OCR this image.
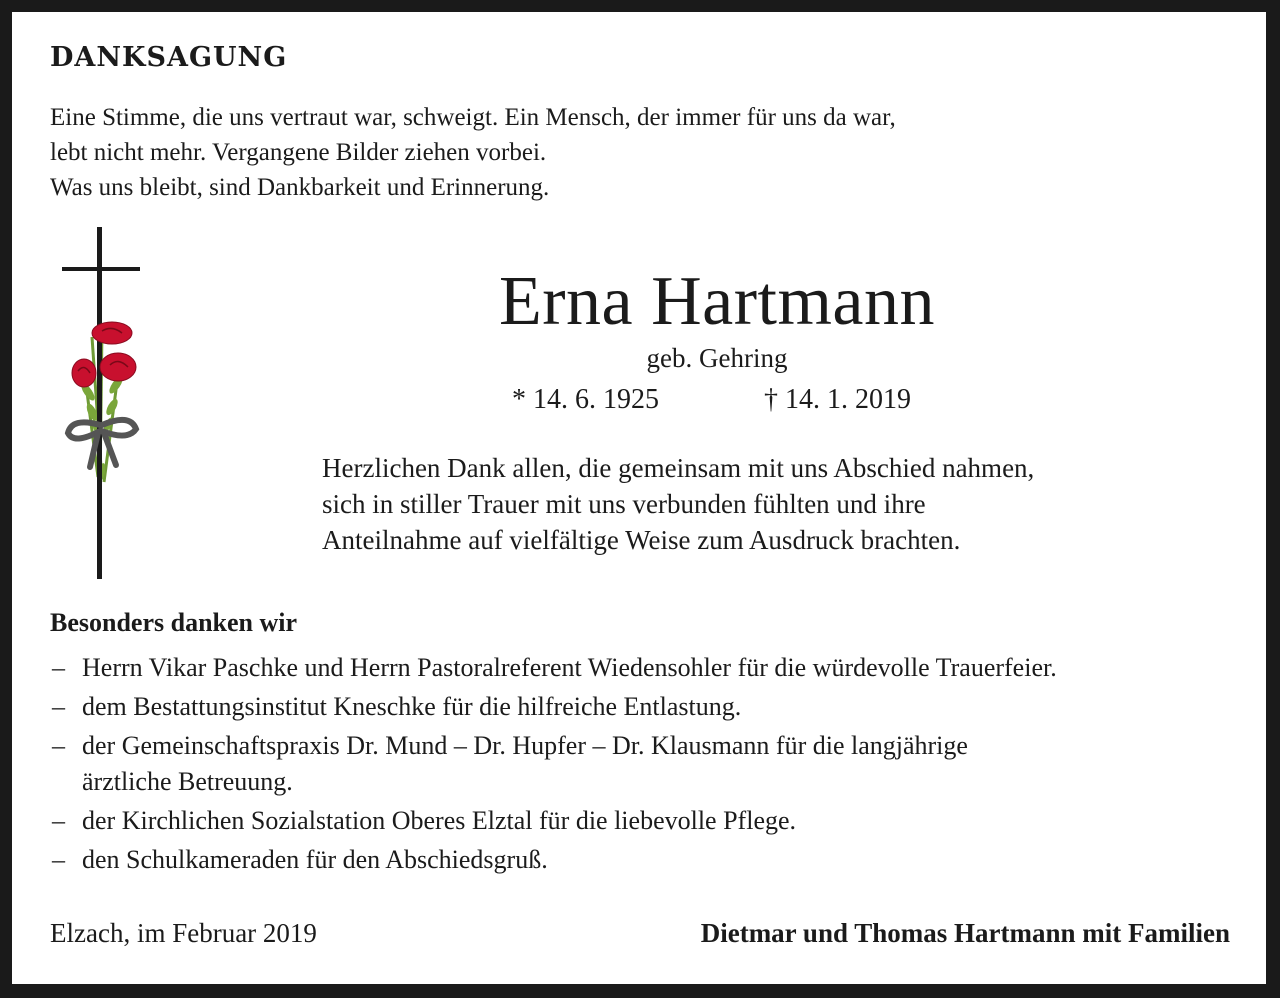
DANKSAGUNG
Eine Stimme, die uns vertraut war, schweigt. Ein Mensch, der immer für uns da war,
lebt nicht mehr. Vergangene Bilder ziehen vorbei.
Was uns bleibt, sind Dankbarkeit und Erinnerung.
Erna Hartmann
geb. Gehring
* 14. 6. 1925	† 14. 1. 2019
Herzlichen Dank allen, die gemeinsam mit uns Abschied nahmen,
sich in stiller Trauer mit uns verbunden fühlten und ihre
Anteilnahme auf vielfältige Weise zum Ausdruck brachten.
Besonders danken wir
– Herrn Vikar Paschke und Herrn Pastoralreferent Wiedensohler für die würdevolle Trauerfeier.
– dem Bestattungsinstitut Kneschke für die hilfreiche Entlastung.
– der Gemeinschaftspraxis Dr. Mund – Dr. Hupfer – Dr. Klausmann für die langjährige
ärztliche Betreuung.
– der Kirchlichen Sozialstation Oberes Elztal für die liebevolle Pflege.
– den Schulkameraden für den Abschiedsgruß.
Elzach, im Februar 2019	Dietmar und Thomas Hartmann mit Familien
